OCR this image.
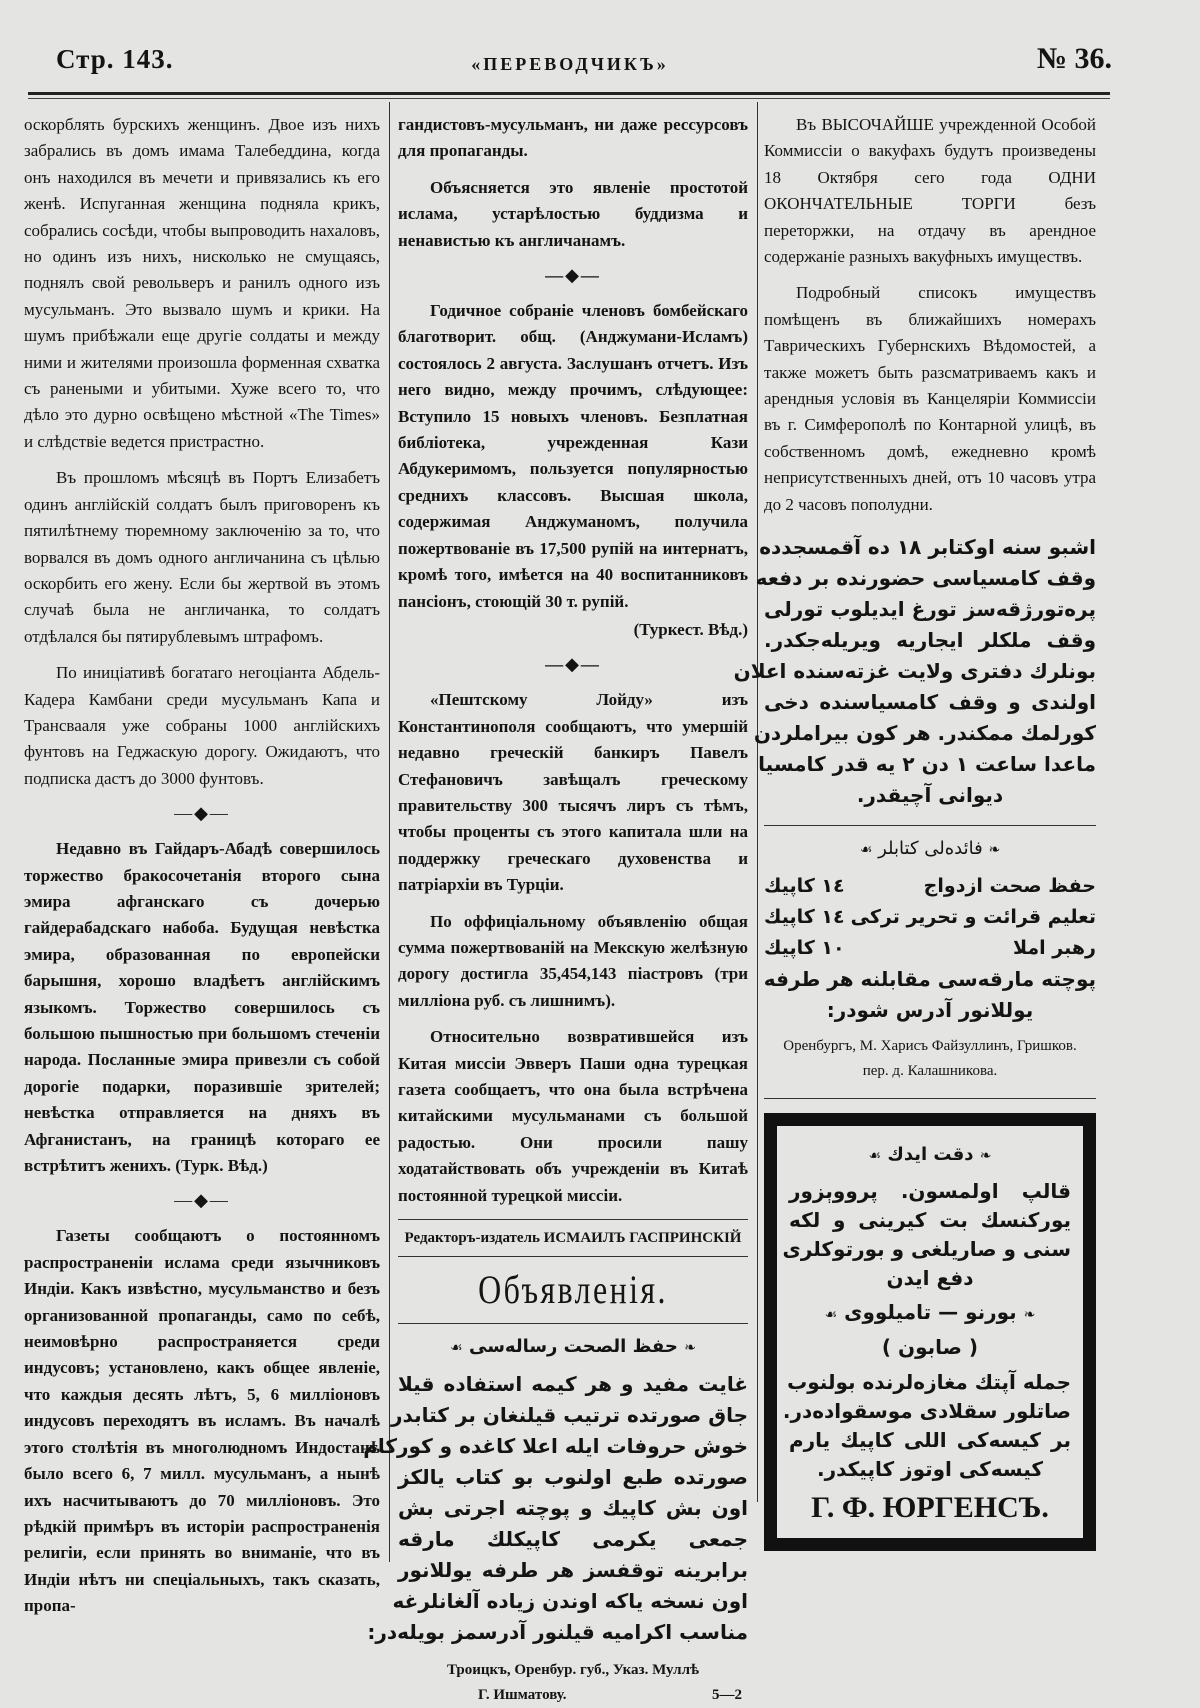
Стр. 143.	«ПЕРЕВОДЧИКЪ»	№ 36.

оскорблять бурскихъ женщинъ. Двое изъ нихъ забрались въ домъ имама Талебеддина, когда онъ находился въ мечети и привязались къ его женѣ. Испуганная женщина подняла крикъ, собрались сосѣди, чтобы выпроводить нахаловъ, но одинъ изъ нихъ, нисколько не смущаясь, поднялъ свой револьверъ и ранилъ одного изъ мусульманъ. Это вызвало шумъ и крики. На шумъ прибѣжали еще другіе солдаты и между ними и жителями произошла форменная схватка съ ранеными и убитыми. Хуже всего то, что дѣло это дурно освѣщено мѣстной «The Times» и слѣдствіе ведется пристрастно.

Въ прошломъ мѣсяцѣ въ Портъ Елизабетъ одинъ англійскій солдатъ былъ приговоренъ къ пятилѣтнему тюремному заключенію за то, что ворвался въ домъ одного англичанина съ цѣлью оскорбить его жену. Если бы жертвой въ этомъ случаѣ была не англичанка, то солдатъ отдѣлался бы пятирублевымъ штрафомъ.

По иниціативѣ богатаго негоціанта Абдель-Кадера Камбани среди мусульманъ Капа и Трансвааля уже собраны 1000 англійскихъ фунтовъ на Геджаскую дорогу. Ожидаютъ, что подписка дастъ до 3000 фунтовъ.

—◆—

Недавно въ Гайдаръ-Абадѣ совершилось торжество бракосочетанія второго сына эмира афганскаго съ дочерью гайдерабадскаго набоба. Будущая невѣстка эмира, образованная по европейски барышня, хорошо владѣетъ англійскимъ языкомъ. Торжество совершилось съ большою пышностью при большомъ стеченіи народа. Посланные эмира привезли съ собой дорогіе подарки, поразившіе зрителей; невѣстка отправляется на дняхъ въ Афганистанъ, на границѣ котораго ее встрѣтитъ женихъ. (Турк. Вѣд.)

—◆—

Газеты сообщаютъ о постоянномъ распространеніи ислама среди язычниковъ Индіи. Какъ извѣстно, мусульманство и безъ организованной пропаганды, само по себѣ, неимовѣрно распространяется среди индусовъ; установлено, какъ общее явленіе, что каждыя десять лѣтъ, 5, 6 милліоновъ индусовъ переходятъ въ исламъ. Въ началѣ этого столѣтія въ многолюдномъ Индостанѣ было всего 6, 7 милл. мусульманъ, а нынѣ ихъ насчитываютъ до 70 милліоновъ. Это рѣдкій примѣръ въ исторіи распространенія религіи, если принять во вниманіе, что въ Индіи нѣтъ ни спеціальныхъ, такъ сказать, пропа-

гандистовъ-мусульманъ, ни даже рессурсовъ для пропаганды.

Объясняется это явленіе простотой ислама, устарѣлостью буддизма и ненавистью къ англичанамъ.

—◆—

Годичное собраніе членовъ бомбейскаго благотворит. общ. (Анджумани-Исламъ) состоялось 2 августа. Заслушанъ отчетъ. Изъ него видно, между прочимъ, слѣдующее: Вступило 15 новыхъ членовъ. Безплатная библіотека, учрежденная Кази Абдукеримомъ, пользуется популярностью среднихъ классовъ. Высшая школа, содержимая Анджуманомъ, получила пожертвованіе въ 17,500 рупій на интернатъ, кромѣ того, имѣется на 40 воспитанниковъ пансіонъ, стоющій 30 т. рупій.

(Туркест. Вѣд.)
—◆—

«Пештскому Лойду» изъ Константинополя сообщаютъ, что умершій недавно греческій банкиръ Павелъ Стефановичъ завѣщалъ греческому правительству 300 тысячъ лиръ съ тѣмъ, чтобы проценты съ этого капитала шли на поддержку греческаго духовенства и патріархіи въ Турціи.

По оффиціальному объявленію общая сумма пожертвованій на Мекскую желѣзную дорогу достигла 35,454,143 піастровъ (три милліона руб. съ лишнимъ).

Относительно возвратившейся изъ Китая миссіи Эвверъ Паши одна турецкая газета сообщаетъ, что она была встрѣчена китайскими мусульманами съ большой радостью. Они просили пашу ходатайствовать объ учрежденіи въ Китаѣ постоянной турецкой миссіи.

Редакторъ-издатель ИСМАИЛЪ ГАСПРИНСКІЙ
Объявленія.
❧ حفظ الصحت رساله‌سی ☙
غایت مفید و هر کیمه استفاده قیلا
جاق صورتده ترتیب قیلنغان بر کتابدر
خوش حروفات ایله اعلا کاغده و کورکام
صورتده طبع اولنوب بو کتاب یالکز
اون بش کاپیك و پوچته اجرتی بش
جمعی یکرمی کاپیکلك مارقه
برابرینه توقفسز هر طرفه یوللانور
اون نسخه یاکه اوندن زیاده آلغانلرغه
مناسب اکرامیه قیلنور آدرسمز بویله‌در:
Троицкъ, Оренбур. губ., Указ. Муллѣ
Г. Ишматову.	5—2

Въ ВЫСОЧАЙШЕ учрежденной Особой Коммиссіи о вакуфахъ будутъ произведены 18 Октября сего года ОДНИ ОКОНЧАТЕЛЬНЫЕ ТОРГИ безъ переторжки, на отдачу въ арендное содержаніе разныхъ вакуфныхъ имуществъ.

Подробный списокъ имуществъ помѣщенъ въ ближайшихъ номерахъ Таврическихъ Губернскихъ Вѣдомостей, а также можетъ быть разсматриваемъ какъ и арендныя условія въ Канцеляріи Коммиссіи въ г. Симферополѣ по Контарной улицѣ, въ собственномъ домѣ, ежедневно кромѣ неприсутственныхъ дней, отъ 10 часовъ утра до 2 часовъ пополудни.

اشبو سنه اوکتابر ۱۸ ده آقمسجدده
وقف کامسیاسی حضورنده بر دفعه
پره‌تورژقه‌سز تورغ ایدیلوب تورلی
وقف ملکلر ایجاریه ویریله‌جکدر.
بونلرك دفتری ولایت غزته‌سنده اعلان
اولندی و وقف کامسیاسنده دخی
کورلمك ممکندر. هر کون بیراملردن
ماعدا ساعت ۱ دن ۲ یه قدر کامسیا
دیوانی آچیقدر.
❧ فائده‌لی کتابلر ☙
حفظ صحت ازدواج
۱٤ کاپیك
تعلیم قرائت و تحریر ترکی
۱٤ کاپیك
رهبر املا
۱۰ کاپیك
پوچته مارقه‌سی مقابلنه هر طرفه
یوللانور آدرس شودر:
Оренбургъ, М. Харисъ Файзуллинъ, Гришков.
пер. д. Калашникова.
❧ دقت ایدك ☙
قالپ اولمسون. پرووېزور
یورکنسك بت کیرینی و لکه
سنی و صاریلغی و بورتوکلری
دفع ایدن
❧ بورنو — تامیلووی ☙
( صابون )
جمله آپتك مغازه‌لرنده بولنوب
صاتلور سقلادی موسقواده‌در.
بر کیسه‌کی اللی کاپیك یارم
کیسه‌کی اوتوز کاپیکدر.
Г. Ф. ЮРГЕНСЪ.
